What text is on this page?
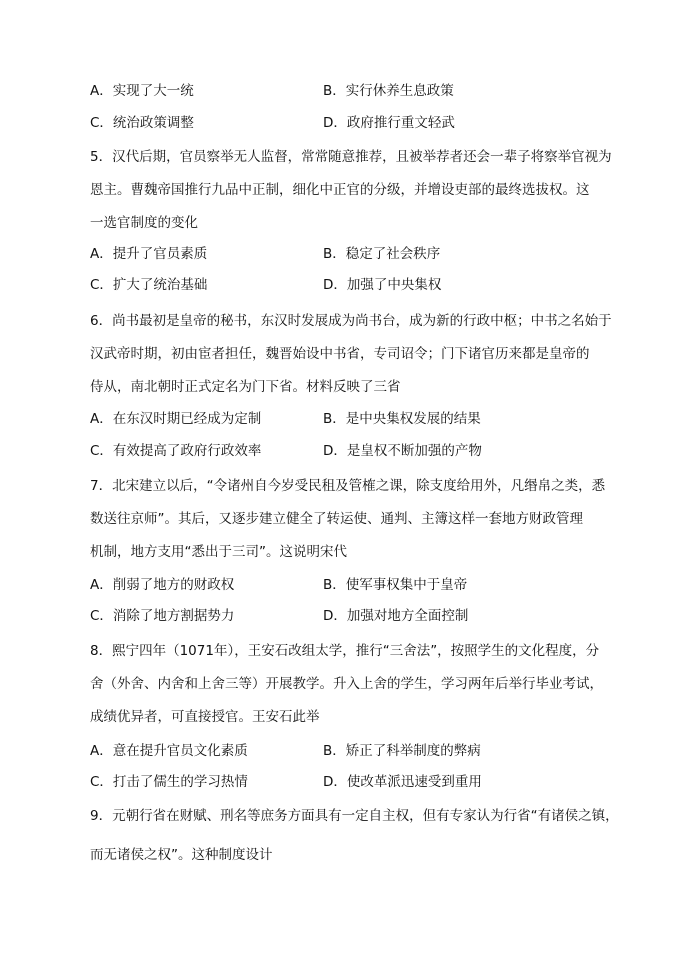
A．实现了大一统	B．实行休养生息政策
C．统治政策调整	D．政府推行重文轻武
5．汉代后期，官员察举无人监督，常常随意推荐，且被举荐者还会一辈子将察举官视为
恩主。曹魏帝国推行九品中正制，细化中正官的分级，并增设吏部的最终选拔权。这
一选官制度的变化
A．提升了官员素质	B．稳定了社会秩序
C．扩大了统治基础	D．加强了中央集权
6．尚书最初是皇帝的秘书，东汉时发展成为尚书台，成为新的行政中枢；中书之名始于
汉武帝时期，初由宦者担任，魏晋始设中书省，专司诏令；门下诸官历来都是皇帝的
侍从，南北朝时正式定名为门下省。材料反映了三省
A．在东汉时期已经成为定制	B．是中央集权发展的结果
C．有效提高了政府行政效率	D．是皇权不断加强的产物
7．北宋建立以后，“令诸州自今岁受民租及管榷之课，除支度给用外，凡缗帛之类，悉
数送往京师”。其后，又逐步建立健全了转运使、通判、主簿这样一套地方财政管理
机制，地方支用“悉出于三司”。这说明宋代
A．削弱了地方的财政权	B．使军事权集中于皇帝
C．消除了地方割据势力	D．加强对地方全面控制
8．熙宁四年（1071年），王安石改组太学，推行“三舍法”，按照学生的文化程度，分
舍（外舍、内舍和上舍三等）开展教学。升入上舍的学生，学习两年后举行毕业考试，
成绩优异者，可直接授官。王安石此举
A．意在提升官员文化素质	B．矫正了科举制度的弊病
C．打击了儒生的学习热情	D．使改革派迅速受到重用
9．元朝行省在财赋、刑名等庶务方面具有一定自主权，但有专家认为行省“有诸侯之镇，
而无诸侯之权”。这种制度设计
